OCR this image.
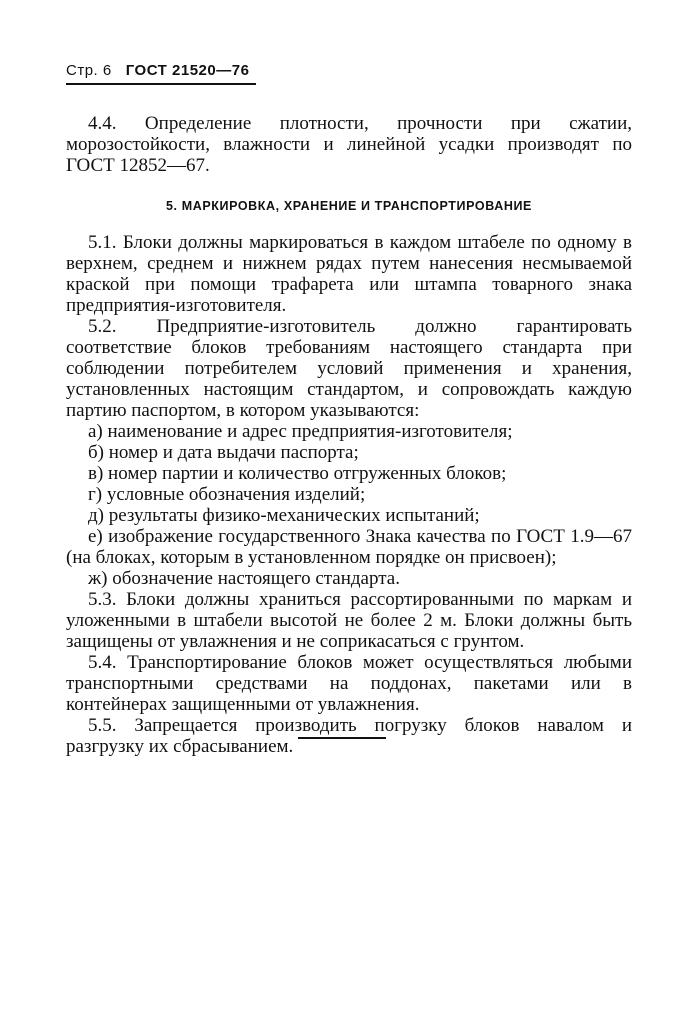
Стр. 6 ГОСТ 21520—76

4.4. Определение плотности, прочности при сжатии, морозостойкости, влажности и линейной усадки производят по ГОСТ 12852—67.

5. МАРКИРОВКА, ХРАНЕНИЕ И ТРАНСПОРТИРОВАНИЕ

5.1. Блоки должны маркироваться в каждом штабеле по одному в верхнем, среднем и нижнем рядах путем нанесения несмываемой краской при помощи трафарета или штампа товарного знака предприятия-изготовителя.

5.2. Предприятие-изготовитель должно гарантировать соответствие блоков требованиям настоящего стандарта при соблюдении потребителем условий применения и хранения, установленных настоящим стандартом, и сопровождать каждую партию паспортом, в котором указываются:

а) наименование и адрес предприятия-изготовителя;

б) номер и дата выдачи паспорта;

в) номер партии и количество отгруженных блоков;

г) условные обозначения изделий;

д) результаты физико-механических испытаний;

е) изображение государственного Знака качества по ГОСТ 1.9—67 (на блоках, которым в установленном порядке он присвоен);

ж) обозначение настоящего стандарта.

5.3. Блоки должны храниться рассортированными по маркам и уложенными в штабели высотой не более 2 м. Блоки должны быть защищены от увлажнения и не соприкасаться с грунтом.

5.4. Транспортирование блоков может осуществляться любыми транспортными средствами на поддонах, пакетами или в контейнерах защищенными от увлажнения.

5.5. Запрещается производить погрузку блоков навалом и разгрузку их сбрасыванием.
